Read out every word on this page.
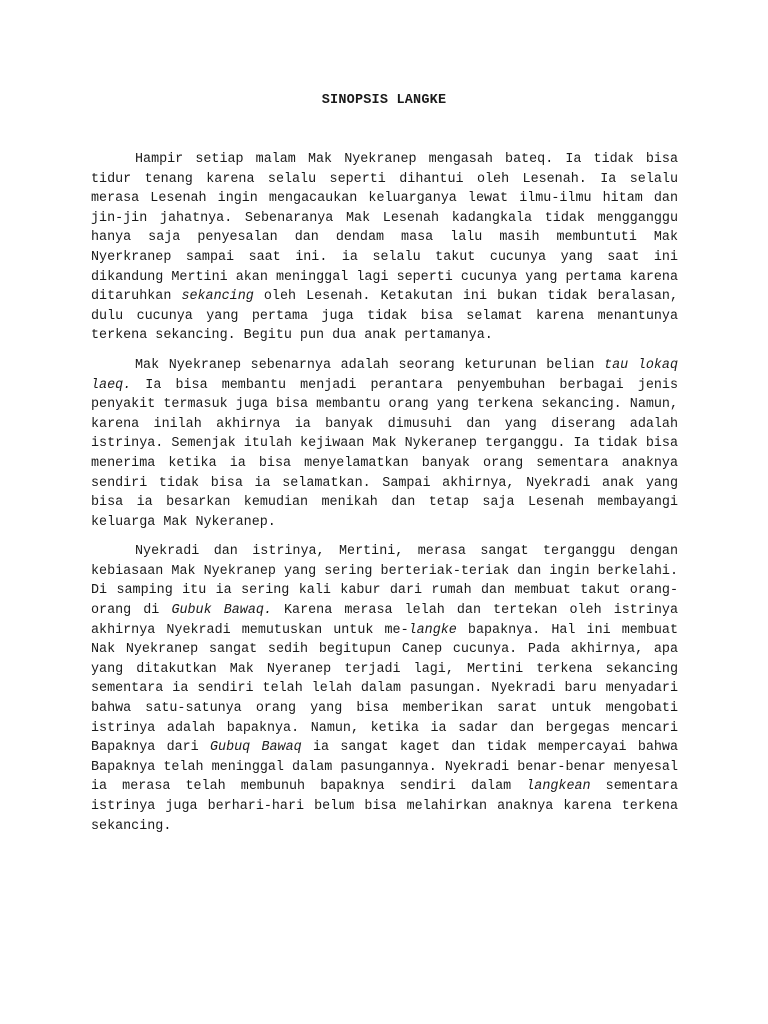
SINOPSIS LANGKE

Hampir setiap malam Mak Nyekranep mengasah bateq. Ia tidak bisa tidur tenang karena selalu seperti dihantui oleh Lesenah. Ia selalu merasa Lesenah ingin mengacaukan keluarganya lewat ilmu-ilmu hitam dan jin-jin jahatnya. Sebenaranya Mak Lesenah kadangkala tidak mengganggu hanya saja penyesalan dan dendam masa lalu masih membuntuti Mak Nyerkranep sampai saat ini. ia selalu takut cucunya yang saat ini dikandung Mertini akan meninggal lagi seperti cucunya yang pertama karena ditaruhkan sekancing oleh Lesenah. Ketakutan ini bukan tidak beralasan, dulu cucunya yang pertama juga tidak bisa selamat karena menantunya terkena sekancing. Begitu pun dua anak pertamanya.

Mak Nyekranep sebenarnya adalah seorang keturunan belian tau lokaq laeq. Ia bisa membantu menjadi perantara penyembuhan berbagai jenis penyakit termasuk juga bisa membantu orang yang terkena sekancing. Namun, karena inilah akhirnya ia banyak dimusuhi dan yang diserang adalah istrinya. Semenjak itulah kejiwaan Mak Nykeranep terganggu. Ia tidak bisa menerima ketika ia bisa menyelamatkan banyak orang sementara anaknya sendiri tidak bisa ia selamatkan. Sampai akhirnya, Nyekradi anak yang bisa ia besarkan kemudian menikah dan tetap saja Lesenah membayangi keluarga Mak Nykeranep.

Nyekradi dan istrinya, Mertini, merasa sangat terganggu dengan kebiasaan Mak Nyekranep yang sering berteriak-teriak dan ingin berkelahi. Di samping itu ia sering kali kabur dari rumah dan membuat takut orang-orang di Gubuk Bawaq. Karena merasa lelah dan tertekan oleh istrinya akhirnya Nyekradi memutuskan untuk me-langke bapaknya. Hal ini membuat Nak Nyekranep sangat sedih begitupun Canep cucunya. Pada akhirnya, apa yang ditakutkan Mak Nyeranep terjadi lagi, Mertini terkena sekancing sementara ia sendiri telah lelah dalam pasungan. Nyekradi baru menyadari bahwa satu-satunya orang yang bisa memberikan sarat untuk mengobati istrinya adalah bapaknya. Namun, ketika ia sadar dan bergegas mencari Bapaknya dari Gubuq Bawaq ia sangat kaget dan tidak mempercayai bahwa Bapaknya telah meninggal dalam pasungannya. Nyekradi benar-benar menyesal ia merasa telah membunuh bapaknya sendiri dalam langkean sementara istrinya juga berhari-hari belum bisa melahirkan anaknya karena terkena sekancing.
